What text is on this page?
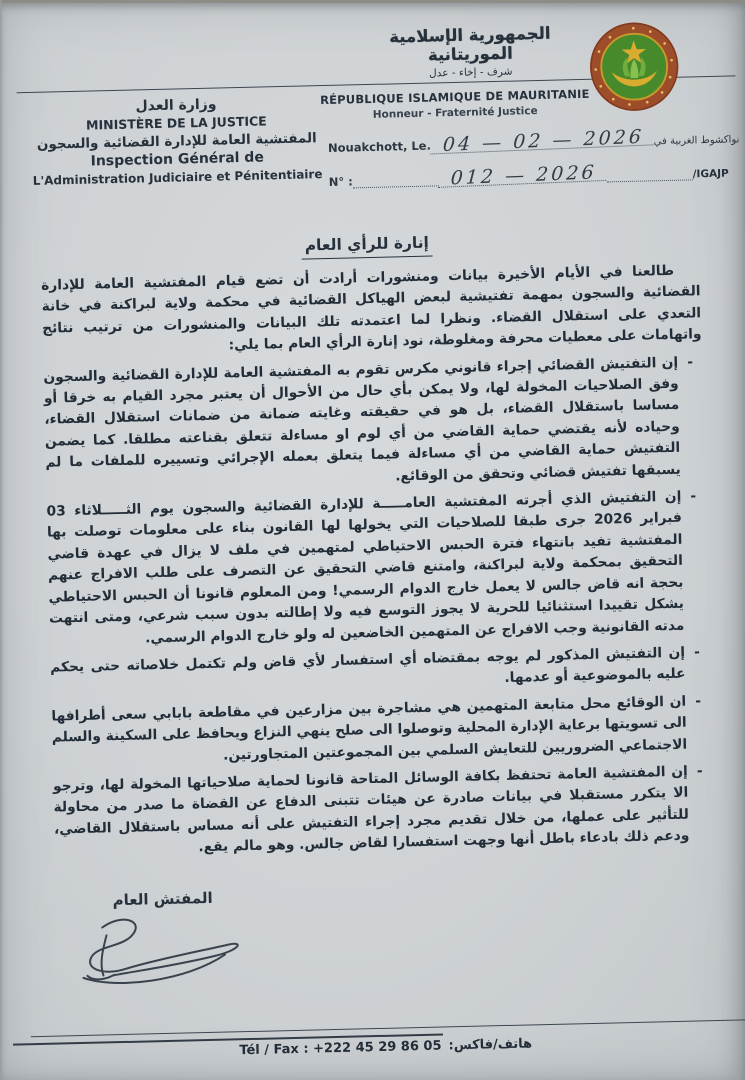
الجمهورية الإسلامية الموريتانية
شرف - إخاء - عدل
RÉPUBLIQUE ISLAMIQUE DE MAURITANIE
Honneur - Fraternité Justice
وزارة العدل
MINISTÈRE DE LA JUSTICE
المفتشية العامة للإدارة القضائية والسجون
Inspection Général de
L'Administration Judiciaire et Pénitentiaire
Nouakchott, Le. 04 — 02 — 2026 نواكشوط الغربية في
N° :	012 — 2026	/IGAJP
إنارة للرأي العام

طالعنا في الأيام الأخيرة بيانات ومنشورات أرادت أن تضع قيام المفتشية العامة للإدارة القضائية والسجون بمهمة تفتيشية لبعض الهياكل القضائية في محكمة ولاية لبراكنة في خانة التعدي على استقلال القضاء. ونظرا لما اعتمدته تلك البيانات والمنشورات من ترتيب نتائج واتهامات على معطيات محرفة ومغلوطة، نود إنارة الرأي العام بما يلي:

-
إن التفتيش القضائي إجراء قانوني مكرس تقوم به المفتشية العامة للإدارة القضائية والسجون وفق الصلاحيات المخولة لها، ولا يمكن بأي حال من الأحوال أن يعتبر مجرد القيام به خرقا أو مساسا باستقلال القضاء، بل هو في حقيقته وغايته ضمانة من ضمانات استقلال القضاء، وحياده لأنه يقتضي حماية القاضي من أي لوم او مساءلة تتعلق بقناعته مطلقا. كما يضمن التفتيش حماية القاضي من أي مساءلة فيما يتعلق بعمله الإجرائي وتسييره للملفات ما لم يسبقها تفتيش قضائي وتحقق من الوقائع.
-
إن التفتيش الذي أجرته المفتشية العامـــــة للإدارة القضائية والسجون يوم الثـــــلاثاء 03 فبراير 2026 جرى طبقا للصلاحيات التي يخولها لها القانون بناء على معلومات توصلت بها المفتشية تفيد بانتهاء فترة الحبس الاحتياطي لمتهمين في ملف لا يزال في عهدة قاضي التحقيق بمحكمة ولاية لبراكنة، وامتنع قاضي التحقيق عن التصرف على طلب الافراج عنهم بحجة انه قاض جالس لا يعمل خارج الدوام الرسمي! ومن المعلوم قانونا أن الحبس الاحتياطي يشكل تقييدا استثنائيا للحرية لا يجوز التوسع فيه ولا إطالته بدون سبب شرعي، ومتى انتهت مدته القانونية وجب الافراج عن المتهمين الخاضعين له ولو خارج الدوام الرسمي.
-
إن التفتيش المذكور لم يوجه بمقتضاه أي استفسار لأي قاض ولم تكتمل خلاصاته حتى يحكم عليه بالموضوعية أو عدمها.
-
ان الوقائع محل متابعة المتهمين هي مشاجرة بين مزارعين في مقاطعة بابابي سعى أطرافها الى تسويتها برعاية الإدارة المحلية وتوصلوا الى صلح ينهي النزاع ويحافظ على السكينة والسلم الاجتماعي الضروريين للتعايش السلمي بين المجموعتين المتجاورتين.
-
إن المفتشية العامة تحتفظ بكافة الوسائل المتاحة قانونا لحماية صلاحياتها المخولة لها، وترجو الا يتكرر مستقبلا في بيانات صادرة عن هيئات تتبنى الدفاع عن القضاة ما صدر من محاولة للتأثير على عملها، من خلال تقديم مجرد إجراء التفتيش على أنه مساس باستقلال القاضي، ودعم ذلك بادعاء باطل أنها وجهت استفسارا لقاض جالس. وهو مالم يقع.
المفتش العام
Tél / Fax : +222 45 29 86 05 هاتف/فاكس:
